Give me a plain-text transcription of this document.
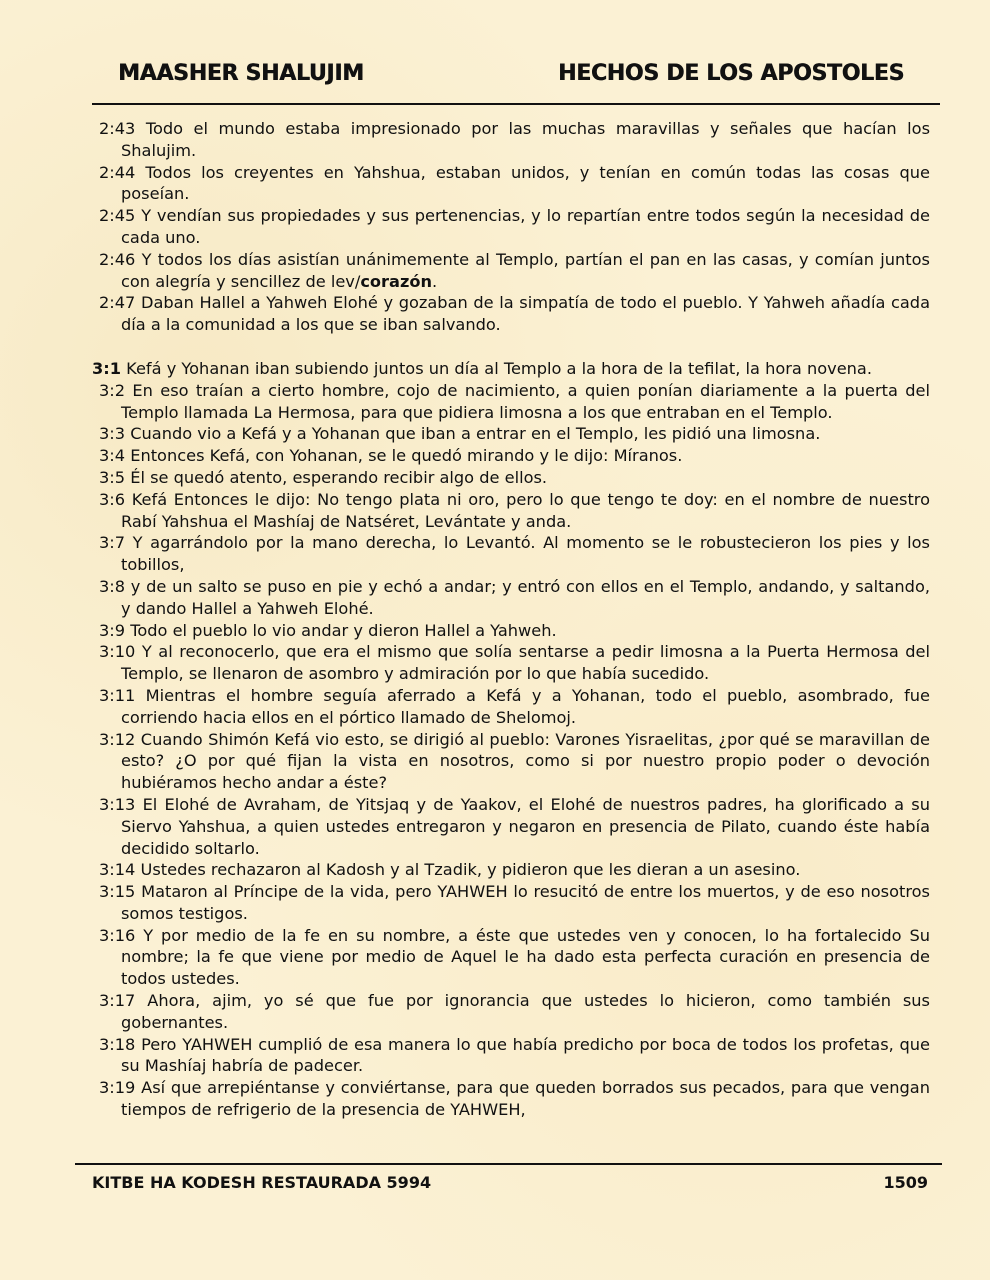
MAASHER SHALUJIM	HECHOS DE LOS APOSTOLES

2:43 Todo el mundo estaba impresionado por las muchas maravillas y señales que hacían los Shalujim.

2:44 Todos los creyentes en Yahshua, estaban unidos, y tenían en común todas las cosas que poseían.

2:45 Y vendían sus propiedades y sus pertenencias, y lo repartían entre todos según la necesidad de cada uno.

2:46 Y todos los días asistían unánimemente al Templo, partían el pan en las casas, y comían juntos con alegría y sencillez de lev/corazón.

2:47 Daban Hallel a Yahweh Elohé y gozaban de la simpatía de todo el pueblo. Y Yahweh añadía cada día a la comunidad a los que se iban salvando.

3:1 Kefá y Yohanan iban subiendo juntos un día al Templo a la hora de la tefilat, la hora novena.

3:2 En eso traían a cierto hombre, cojo de nacimiento, a quien ponían diariamente a la puerta del Templo llamada La Hermosa, para que pidiera limosna a los que entraban en el Templo.

3:3 Cuando vio a Kefá y a Yohanan que iban a entrar en el Templo, les pidió una limosna.

3:4 Entonces Kefá, con Yohanan, se le quedó mirando y le dijo: Míranos.

3:5 Él se quedó atento, esperando recibir algo de ellos.

3:6 Kefá Entonces le dijo: No tengo plata ni oro, pero lo que tengo te doy: en el nombre de nuestro Rabí Yahshua el Mashíaj de Natséret, Levántate y anda.

3:7 Y agarrándolo por la mano derecha, lo Levantó. Al momento se le robustecieron los pies y los tobillos,

3:8 y de un salto se puso en pie y echó a andar; y entró con ellos en el Templo, andando, y saltando, y dando Hallel a Yahweh Elohé.

3:9 Todo el pueblo lo vio andar y dieron Hallel a Yahweh.

3:10 Y al reconocerlo, que era el mismo que solía sentarse a pedir limosna a la Puerta Hermosa del Templo, se llenaron de asombro y admiración por lo que había sucedido.

3:11 Mientras el hombre seguía aferrado a Kefá y a Yohanan, todo el pueblo, asombrado, fue corriendo hacia ellos en el pórtico llamado de Shelomoj.

3:12 Cuando Shimón Kefá vio esto, se dirigió al pueblo: Varones Yisraelitas, ¿por qué se maravillan de esto? ¿O por qué fijan la vista en nosotros, como si por nuestro propio poder o devoción hubiéramos hecho andar a éste?

3:13 El Elohé de Avraham, de Yitsjaq y de Yaakov, el Elohé de nuestros padres, ha glorificado a su Siervo Yahshua, a quien ustedes entregaron y negaron en presencia de Pilato, cuando éste había decidido soltarlo.

3:14 Ustedes rechazaron al Kadosh y al Tzadik, y pidieron que les dieran a un asesino.

3:15 Mataron al Príncipe de la vida, pero YAHWEH lo resucitó de entre los muertos, y de eso nosotros somos testigos.

3:16 Y por medio de la fe en su nombre, a éste que ustedes ven y conocen, lo ha fortalecido Su nombre; la fe que viene por medio de Aquel le ha dado esta perfecta curación en presencia de todos ustedes.

3:17 Ahora, ajim, yo sé que fue por ignorancia que ustedes lo hicieron, como también sus gobernantes.

3:18 Pero YAHWEH cumplió de esa manera lo que había predicho por boca de todos los profetas, que su Mashíaj habría de padecer.

3:19 Así que arrepiéntanse y conviértanse, para que queden borrados sus pecados, para que vengan tiempos de refrigerio de la presencia de YAHWEH,

KITBE HA KODESH RESTAURADA 5994	1509
